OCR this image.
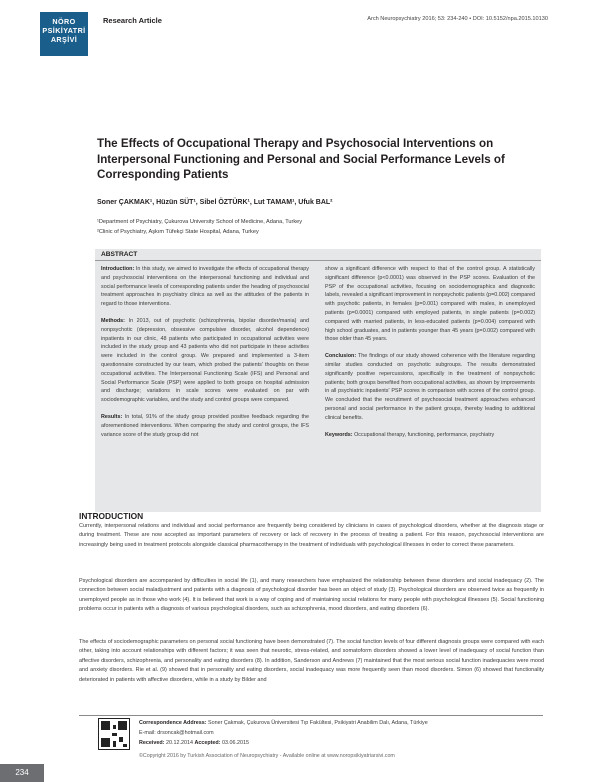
NÖRO
PSİKİYATRİ
ARŞİVİ
Research Article	Arch Neuropsychiatry 2016; 53: 234-240 • DOI: 10.5152/npa.2015.10130
The Effects of Occupational Therapy and Psychosocial Interventions on Interpersonal Functioning and Personal and Social Performance Levels of Corresponding Patients
Soner ÇAKMAK¹, Hüzün SÜT¹, Sibel ÖZTÜRK¹, Lut TAMAM¹, Ufuk BAL²
¹Department of Psychiatry, Çukurova University School of Medicine, Adana, Turkey
²Clinic of Psychiatry, Aşkım Tüfekçi State Hospital, Adana, Turkey
ABSTRACT

Introduction: In this study, we aimed to investigate the effects of occupational therapy and psychosocial interventions on the interpersonal functioning and individual and social performance levels of corresponding patients under the heading of psychosocial treatment approaches in psychiatry clinics as well as the attitudes of the patients in regard to those interventions.

Methods: In 2013, out of psychotic (schizophrenia, bipolar disorder/mania) and nonpsychotic (depression, obsessive compulsive disorder, alcohol dependence) inpatients in our clinic, 48 patients who participated in occupational activities were included in the study group and 43 patients who did not participate in these activities were included in the control group. We prepared and implemented a 3-item questionnaire constructed by our team, which probed the patients' thoughts on these occupational activities. The Interpersonal Functioning Scale (IFS) and Personal and Social Performance Scale (PSP) were applied to both groups on hospital admission and discharge; variations in scale scores were evaluated on par with sociodemographic variables, and the study and control groups were compared.

Results: In total, 91% of the study group provided positive feedback regarding the aforementioned interventions. When comparing the study and control groups, the IFS variance score of the study group did not

show a significant difference with respect to that of the control group. A statistically significant difference (p<0.0001) was observed in the PSP scores. Evaluation of the PSP of the occupational activities, focusing on sociodemographics and diagnostic labels, revealed a significant improvement in nonpsychotic patients (p=0.002) compared with psychotic patients, in females (p=0.001) compared with males, in unemployed patients (p=0.0001) compared with employed patients, in single patients (p=0.002) compared with married patients, in less-educated patients (p=0.004) compared with high school graduates, and in patients younger than 45 years (p=0.002) compared with those older than 45 years.

Conclusion: The findings of our study showed coherence with the literature regarding similar studies conducted on psychotic subgroups. The results demonstrated significantly positive repercussions, specifically in the treatment of nonpsychotic patients; both groups benefited from occupational activities, as shown by improvements in all psychiatric inpatients' PSP scores in comparison with scores of the control group. We concluded that the recruitment of psychosocial treatment approaches enhanced personal and social performance in the patient groups, thereby leading to additional clinical benefits.

Keywords: Occupational therapy, functioning, performance, psychiatry

INTRODUCTION
Currently, interpersonal relations and individual and social performance are frequently being considered by clinicians in cases of psychological disorders, whether at the diagnosis stage or during treatment. These are now accepted as important parameters of recovery or lack of recovery in the process of treating a patient. For this reason, psychosocial interventions are increasingly being used in treatment protocols alongside classical pharmacotherapy in the treatment of individuals with psychological illnesses in order to correct these parameters.
Psychological disorders are accompanied by difficulties in social life (1), and many researchers have emphasized the relationship between these disorders and social inadequacy (2). The connection between social maladjustment and patients with a diagnosis of psychological disorder has been an object of study (3). Psychological disorders are observed twice as frequently in unemployed people as in those who work (4). It is believed that work is a way of coping and of maintaining social relations for many people with psychological illnesses (5). Social functioning problems occur in patients with a diagnosis of various psychological disorders, such as schizophrenia, mood disorders, and eating disorders (6).
The effects of sociodemographic parameters on personal social functioning have been demonstrated (7). The social function levels of four different diagnosis groups were compared with each other, taking into account relationships with different factors; it was seen that neurotic, stress-related, and somatoform disorders showed a lower level of inadequacy of social function than affective disorders, schizophrenia, and personality and eating disorders (8). In addition, Sanderson and Andrews (7) maintained that the most serious social function inadequacies were mood and anxiety disorders. Rie et al. (9) showed that in personality and eating disorders, social inadequacy was more frequently seen than mood disorders. Simon (6) showed that functionality deteriorated in patients with affective disorders, while in a study by Bilder and
Correspondence Address: Soner Çakmak, Çukurova Üniversitesi Tıp Fakültesi, Psikiyatri Anabilim Dalı, Adana, Türkiye
E-mail: drsoncak@hotmail.com
Received: 20.12.2014 Accepted: 03.06.2015
©Copyright 2016 by Turkish Association of Neuropsychiatry - Available online at www.noropsikiyatriarsivi.com
234
